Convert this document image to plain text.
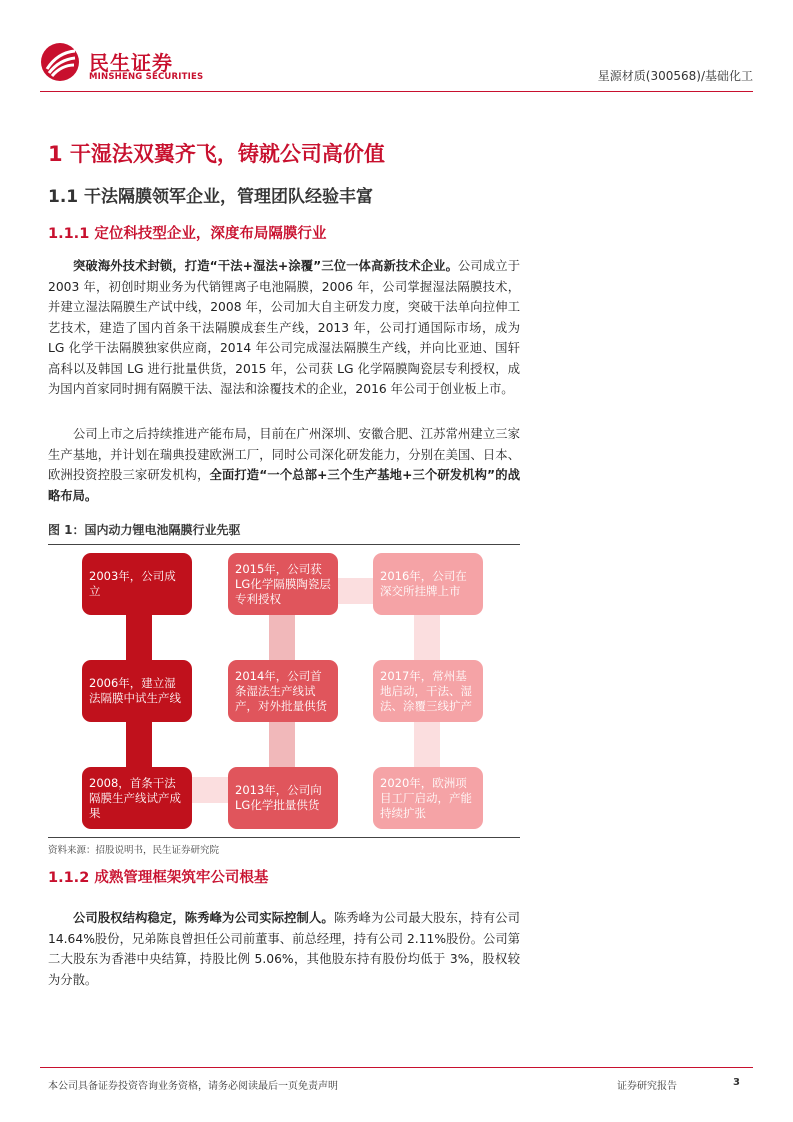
民生证券
MINSHENG SECURITIES	星源材质(300568)/基础化工
1 干湿法双翼齐飞，铸就公司高价值
1.1 干法隔膜领军企业，管理团队经验丰富
1.1.1 定位科技型企业，深度布局隔膜行业
突破海外技术封锁，打造“干法+湿法+涂覆”三位一体高新技术企业。公司成立于 2003 年，初创时期业务为代销锂离子电池隔膜，2006 年，公司掌握湿法隔膜技术，并建立湿法隔膜生产试中线，2008 年，公司加大自主研发力度，突破干法单向拉伸工艺技术，建造了国内首条干法隔膜成套生产线，2013 年，公司打通国际市场，成为 LG 化学干法隔膜独家供应商，2014 年公司完成湿法隔膜生产线，并向比亚迪、国轩高科以及韩国 LG 进行批量供货，2015 年，公司获 LG 化学隔膜陶瓷层专利授权，成为国内首家同时拥有隔膜干法、湿法和涂覆技术的企业，2016 年公司于创业板上市。
公司上市之后持续推进产能布局，目前在广州深圳、安徽合肥、江苏常州建立三家生产基地，并计划在瑞典投建欧洲工厂，同时公司深化研发能力，分别在美国、日本、欧洲投资控股三家研发机构，全面打造“一个总部+三个生产基地+三个研发机构”的战略布局。
图 1：国内动力锂电池隔膜行业先驱
2003年，公司成立
2006年，建立湿法隔膜中试生产线
2008，首条干法隔膜生产线试产成果
2013年，公司向LG化学批量供货
2014年，公司首条湿法生产线试产，对外批量供货
2015年，公司获LG化学隔膜陶瓷层专利授权
2016年，公司在深交所挂牌上市
2017年，常州基地启动，干法、湿法、涂覆三线扩产
2020年，欧洲项目工厂启动，产能持续扩张
资料来源：招股说明书，民生证券研究院
1.1.2 成熟管理框架筑牢公司根基
公司股权结构稳定，陈秀峰为公司实际控制人。陈秀峰为公司最大股东，持有公司 14.64%股份，兄弟陈良曾担任公司前董事、前总经理，持有公司 2.11%股份。公司第二大股东为香港中央结算，持股比例 5.06%，其他股东持有股份均低于 3%，股权较为分散。
本公司具备证券投资咨询业务资格，请务必阅读最后一页免责声明	证券研究报告	3
